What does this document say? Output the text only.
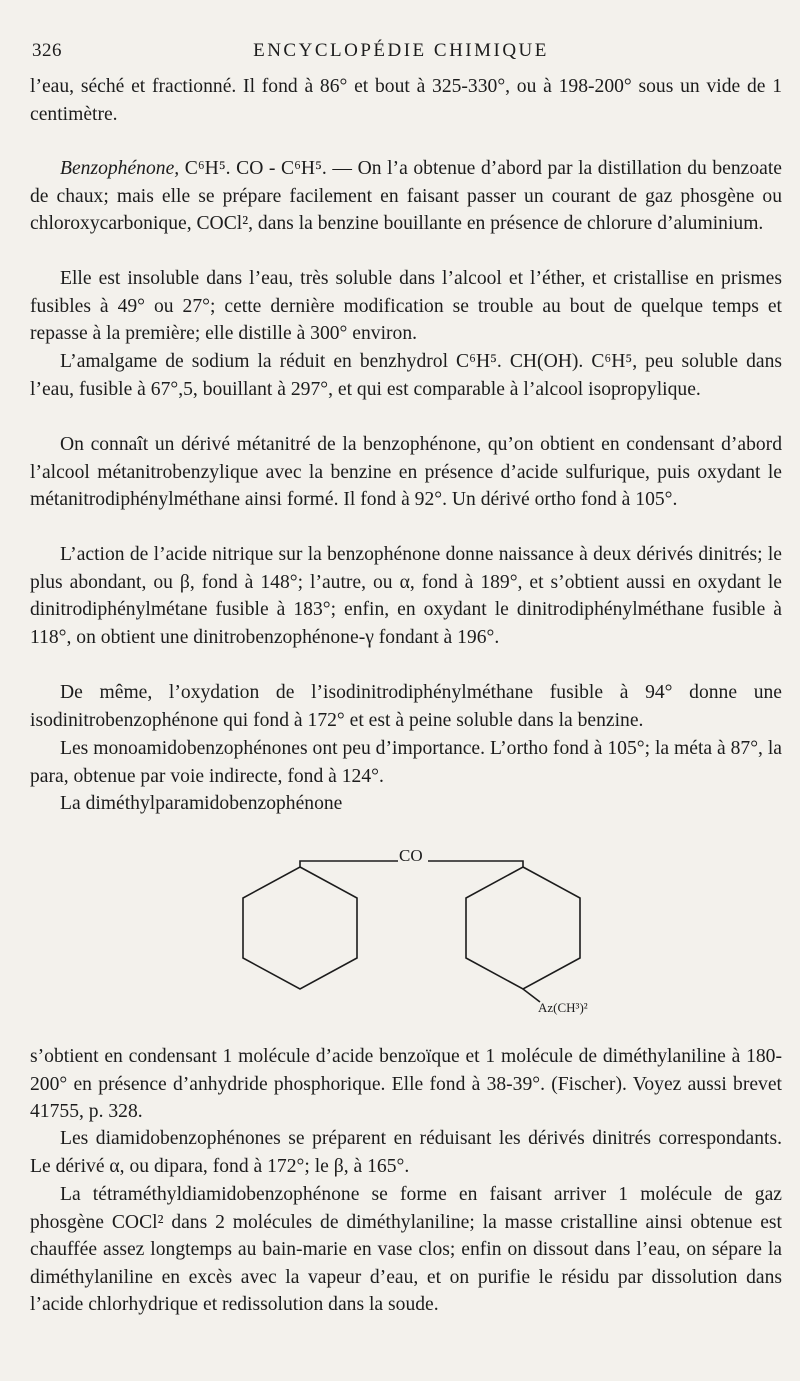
326	ENCYCLOPÉDIE CHIMIQUE

l’eau, séché et fractionné. Il fond à 86° et bout à 325-330°, ou à 198-200° sous un vide de 1 centimètre.

Benzophénone, C⁶H⁵. CO - C⁶H⁵. — On l’a obtenue d’abord par la distillation du benzoate de chaux; mais elle se prépare facilement en faisant passer un courant de gaz phosgène ou chloroxycarbonique, COCl², dans la benzine bouillante en présence de chlorure d’aluminium.

Elle est insoluble dans l’eau, très soluble dans l’alcool et l’éther, et cristallise en prismes fusibles à 49° ou 27°; cette dernière modification se trouble au bout de quelque temps et repasse à la première; elle distille à 300° environ.

L’amalgame de sodium la réduit en benzhydrol C⁶H⁵. CH(OH). C⁶H⁵, peu soluble dans l’eau, fusible à 67°,5, bouillant à 297°, et qui est comparable à l’alcool isopropylique.

On connaît un dérivé métanitré de la benzophénone, qu’on obtient en condensant d’abord l’alcool métanitrobenzylique avec la benzine en présence d’acide sulfurique, puis oxydant le métanitrodiphénylméthane ainsi formé. Il fond à 92°. Un dérivé ortho fond à 105°.

L’action de l’acide nitrique sur la benzophénone donne naissance à deux dérivés dinitrés; le plus abondant, ou β, fond à 148°; l’autre, ou α, fond à 189°, et s’obtient aussi en oxydant le dinitrodiphénylmétane fusible à 183°; enfin, en oxydant le dinitrodiphénylméthane fusible à 118°, on obtient une dinitrobenzophénone-γ fondant à 196°.

De même, l’oxydation de l’isodinitrodiphénylméthane fusible à 94° donne une isodinitrobenzophénone qui fond à 172° et est à peine soluble dans la benzine.

Les monoamidobenzophénones ont peu d’importance. L’ortho fond à 105°; la méta à 87°, la para, obtenue par voie indirecte, fond à 124°.

La diméthylparamidobenzophénone

CO
Az(CH³)²

s’obtient en condensant 1 molécule d’acide benzoïque et 1 molécule de diméthylaniline à 180-200° en présence d’anhydride phosphorique. Elle fond à 38-39°. (Fischer). Voyez aussi brevet 41755, p. 328.

Les diamidobenzophénones se préparent en réduisant les dérivés dinitrés correspondants. Le dérivé α, ou dipara, fond à 172°; le β, à 165°.

La tétraméthyldiamidobenzophénone se forme en faisant arriver 1 molécule de gaz phosgène COCl² dans 2 molécules de diméthylaniline; la masse cristalline ainsi obtenue est chauffée assez longtemps au bain-marie en vase clos; enfin on dissout dans l’eau, on sépare la diméthylaniline en excès avec la vapeur d’eau, et on purifie le résidu par dissolution dans l’acide chlorhydrique et redissolution dans la soude.
